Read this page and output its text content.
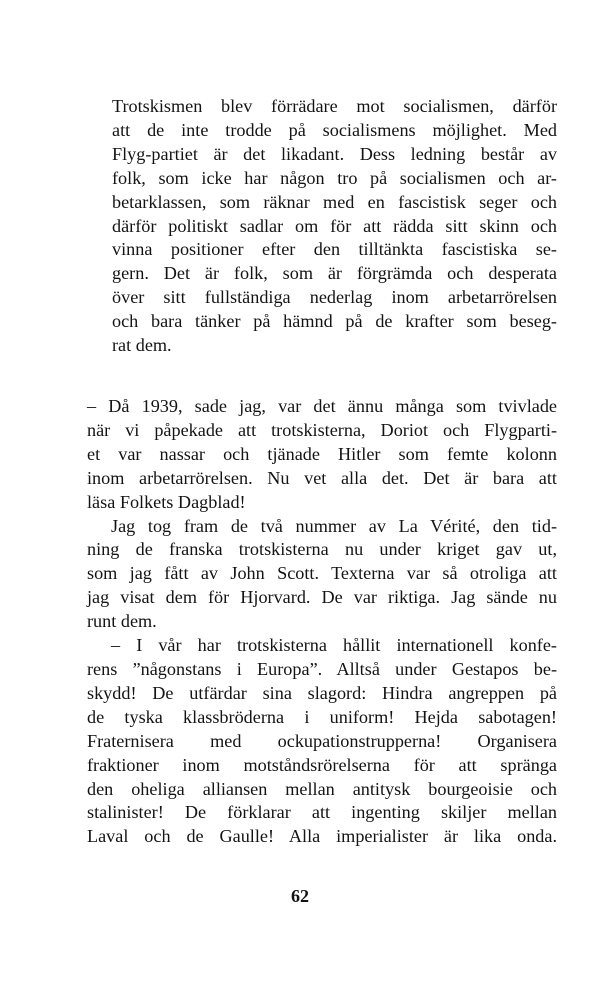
Trotskismen blev förrädare mot socialismen, därför
att de inte trodde på socialismens möjlighet. Med
Flyg-partiet är det likadant. Dess ledning består av
folk, som icke har någon tro på socialismen och ar-
betarklassen, som räknar med en fascistisk seger och
därför politiskt sadlar om för att rädda sitt skinn och
vinna positioner efter den tilltänkta fascistiska se-
gern. Det är folk, som är förgrämda och desperata
över sitt fullständiga nederlag inom arbetarrörelsen
och bara tänker på hämnd på de krafter som beseg-
rat dem.
– Då 1939, sade jag, var det ännu många som tvivlade
när vi påpekade att trotskisterna, Doriot och Flygparti-
et var nassar och tjänade Hitler som femte kolonn
inom arbetarrörelsen. Nu vet alla det. Det är bara att
läsa Folkets Dagblad!
Jag tog fram de två nummer av La Vérité, den tid-
ning de franska trotskisterna nu under kriget gav ut,
som jag fått av John Scott. Texterna var så otroliga att
jag visat dem för Hjorvard. De var riktiga. Jag sände nu
runt dem.
– I vår har trotskisterna hållit internationell konfe-
rens ”någonstans i Europa”. Alltså under Gestapos be-
skydd! De utfärdar sina slagord: Hindra angreppen på
de tyska klassbröderna i uniform! Hejda sabotagen!
Fraternisera med ockupationstrupperna! Organisera
fraktioner inom motståndsrörelserna för att spränga
den oheliga alliansen mellan antitysk bourgeoisie och
stalinister! De förklarar att ingenting skiljer mellan
Laval och de Gaulle! Alla imperialister är lika onda.

62
